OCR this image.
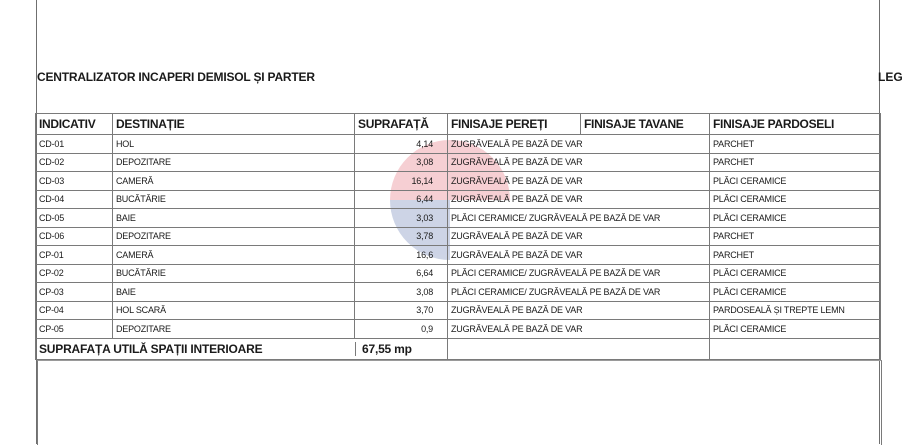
CENTRALIZATOR INCAPERI DEMISOL ȘI PARTER	LEG
INDICATIV	DESTINAȚIE	SUPRAFAȚĂ	FINISAJE PEREȚI	FINISAJE TAVANE	FINISAJE PARDOSELI
CD-01	HOL	4,14	ZUGRĂVEALĂ PE BAZĂ DE VAR		PARCHET
CD-02	DEPOZITARE	3,08	ZUGRĂVEALĂ PE BAZĂ DE VAR		PARCHET
CD-03	CAMERĂ	16,14	ZUGRĂVEALĂ PE BAZĂ DE VAR		PLĂCI CERAMICE
CD-04	BUCĂTĂRIE	6,44	ZUGRĂVEALĂ PE BAZĂ DE VAR		PLĂCI CERAMICE
CD-05	BAIE	3,03	PLĂCI CERAMICE/ ZUGRĂVEALĂ PE BAZĂ DE VAR		PLĂCI CERAMICE
CD-06	DEPOZITARE	3,78	ZUGRĂVEALĂ PE BAZĂ DE VAR		PARCHET
CP-01	CAMERĂ	16,6	ZUGRĂVEALĂ PE BAZĂ DE VAR		PARCHET
CP-02	BUCĂTĂRIE	6,64	PLĂCI CERAMICE/ ZUGRĂVEALĂ PE BAZĂ DE VAR		PLĂCI CERAMICE
CP-03	BAIE	3,08	PLĂCI CERAMICE/ ZUGRĂVEALĂ PE BAZĂ DE VAR		PLĂCI CERAMICE
CP-04	HOL SCARĂ	3,70	ZUGRĂVEALĂ PE BAZĂ DE VAR		PARDOSEALĂ ȘI TREPTE LEMN
CP-05	DEPOZITARE	0,9	ZUGRĂVEALĂ PE BAZĂ DE VAR		PLĂCI CERAMICE

SUPRAFAȚA UTILĂ SPAȚII INTERIOARE 67,55 mp					
